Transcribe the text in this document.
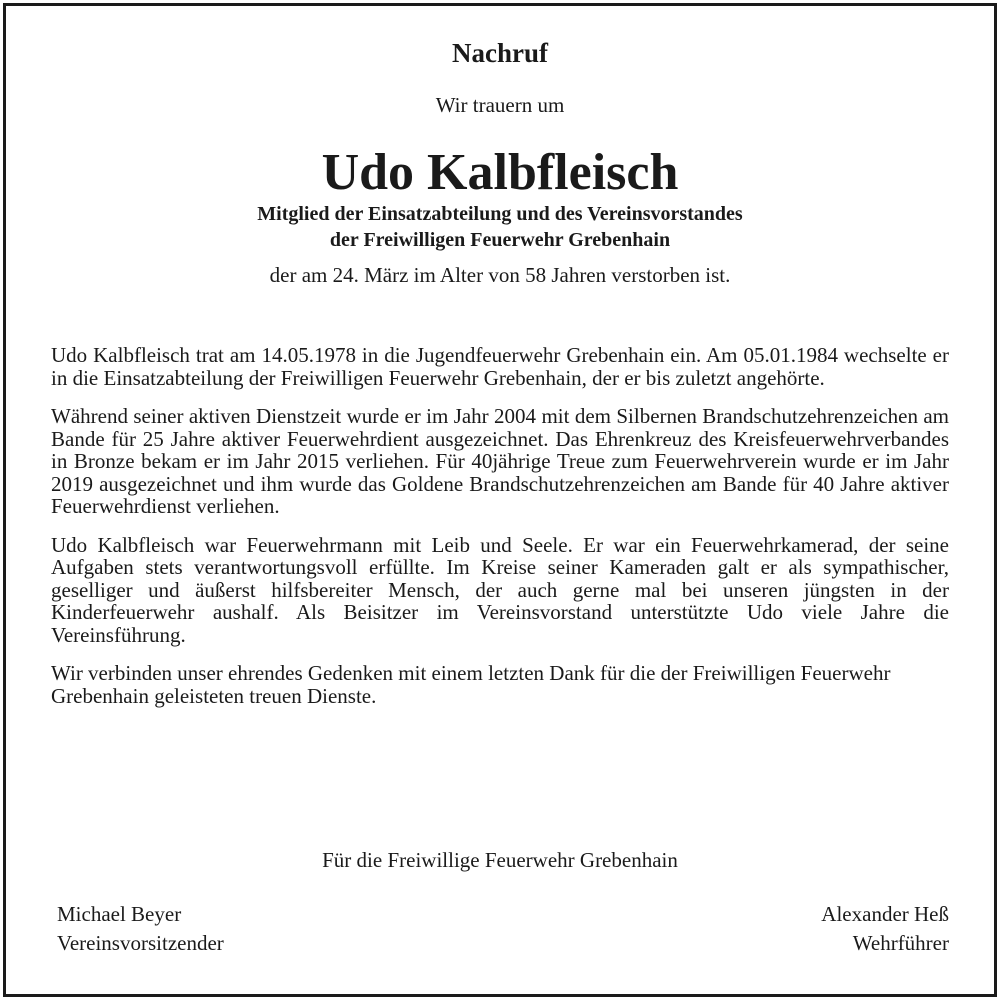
Nachruf
Wir trauern um
Udo Kalbfleisch
Mitglied der Einsatzabteilung und des Vereinsvorstandes
der Freiwilligen Feuerwehr Grebenhain
der am 24. März im Alter von 58 Jahren verstorben ist.

Udo Kalbfleisch trat am 14.05.1978 in die Jugendfeuerwehr Grebenhain ein. Am 05.01.1984 wechselte er in die Einsatzabteilung der Freiwilligen Feuerwehr Grebenhain, der er bis zuletzt angehörte.

Während seiner aktiven Dienstzeit wurde er im Jahr 2004 mit dem Silbernen Brandschutzehrenzeichen am Bande für 25 Jahre aktiver Feuerwehrdient ausgezeichnet. Das Ehrenkreuz des Kreisfeuerwehrverbandes in Bronze bekam er im Jahr 2015 verliehen. Für 40jährige Treue zum Feuerwehrverein wurde er im Jahr 2019 ausgezeichnet und ihm wurde das Goldene Brandschutzehrenzeichen am Bande für 40 Jahre aktiver Feuerwehrdienst verliehen.

Udo Kalbfleisch war Feuerwehrmann mit Leib und Seele. Er war ein Feuerwehrkamerad, der seine Aufgaben stets verantwortungsvoll erfüllte. Im Kreise seiner Kameraden galt er als sympathischer, geselliger und äußerst hilfsbereiter Mensch, der auch gerne mal bei unseren jüngsten in der Kinderfeuerwehr aushalf. Als Beisitzer im Vereinsvorstand unterstützte Udo viele Jahre die Vereinsführung.

Wir verbinden unser ehrendes Gedenken mit einem letzten Dank für die der Freiwilligen Feuerwehr Grebenhain geleisteten treuen Dienste.

Für die Freiwillige Feuerwehr Grebenhain
Michael Beyer
Vereinsvorsitzender
Alexander Heß
Wehrführer
